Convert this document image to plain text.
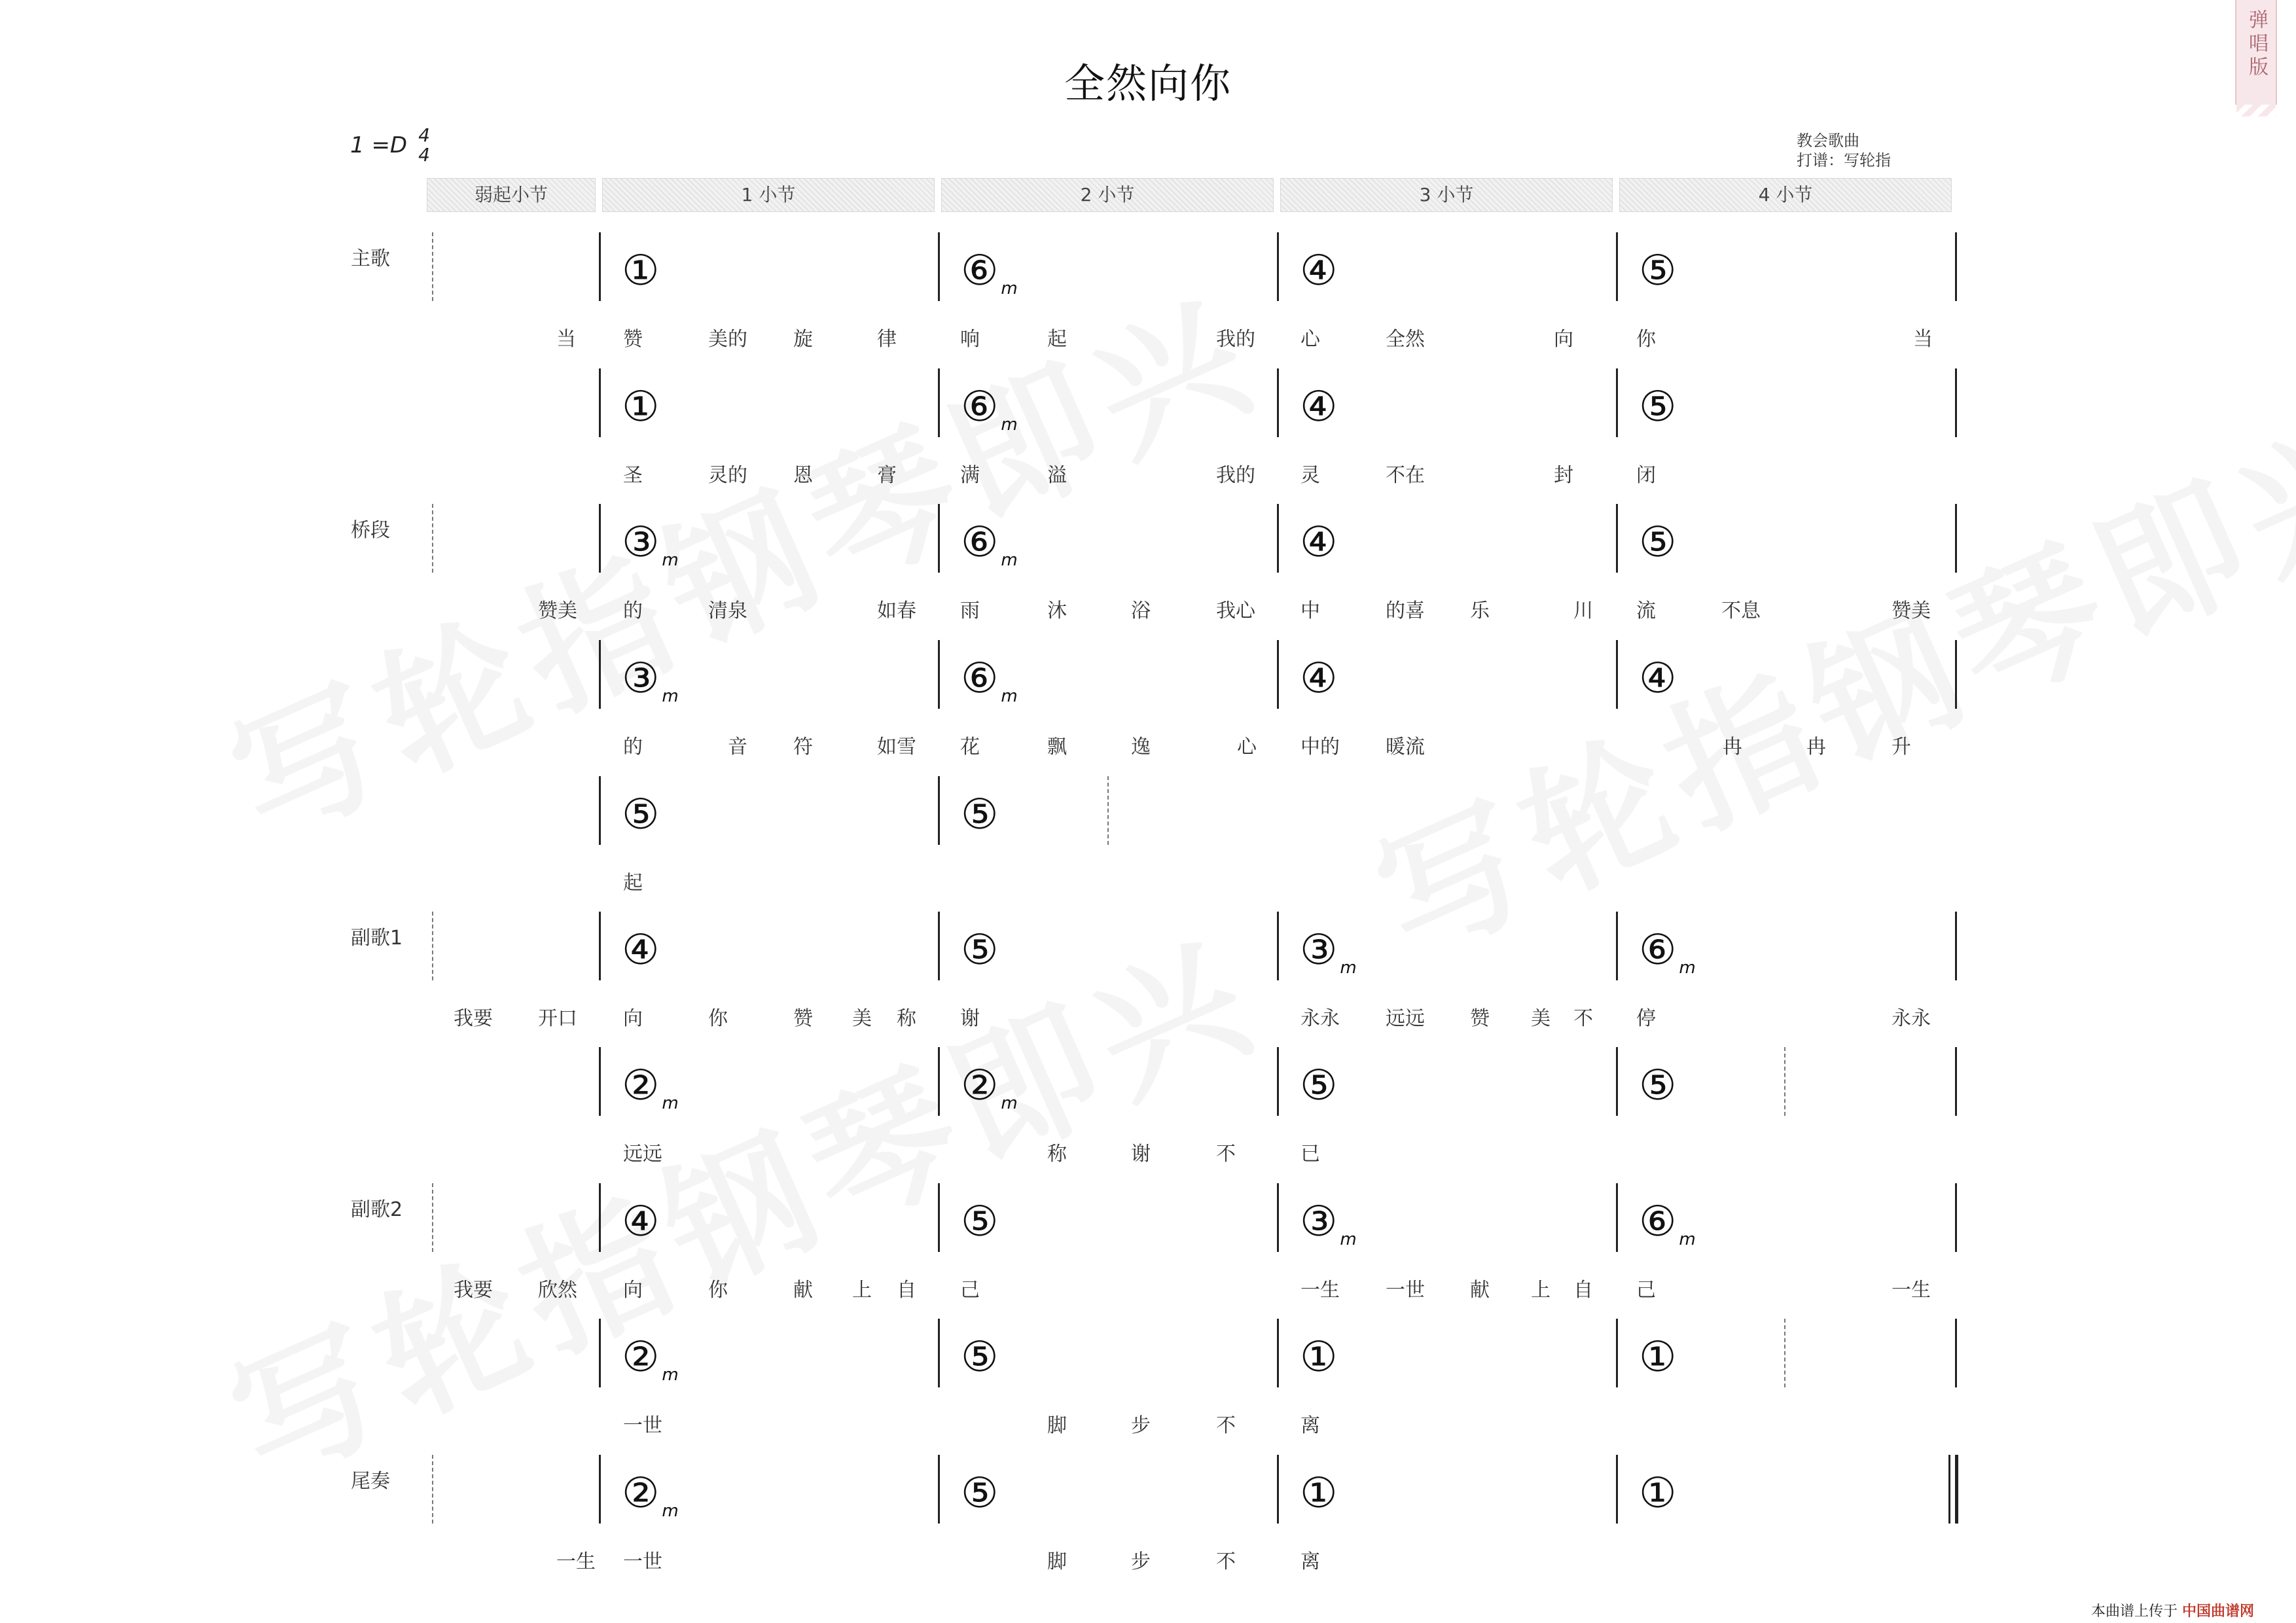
全然向你
1 =D 4
4
教会歌曲
打谱：写轮指
弹唱版
弱起小节	1 小节	2 小节	3 小节	4 小节
主歌	①	⑥ $_m$	④	⑤
当 赞	美的 旋	律	响	起	我的 心	全然	向	你	当
①	⑥ $_m$	④	⑤
圣	灵的 恩	膏	满	溢	我的 灵	不在	封	闭
桥段	③ $_m$	⑥ $_m$	④	⑤
赞美 的	清泉	如春 雨	沐	浴	我心 中	的喜 乐	川 流	不息	赞美
③ $_m$	⑥ $_m$	④	④
的	音 符	如雪 花	飘	逸	心 中的 暖流	冉	冉	升
⑤	⑤
起
副歌1	④	⑤	③ $_m$	⑥ $_m$
我要 开口 向	你	赞 美 称 谢	永永 远远 赞 美 不 停	永永
② $_m$	② $_m$	⑤	⑤
远远	称	谢	不	已
副歌2	④	⑤	③ $_m$	⑥ $_m$
我要 欣然 向	你	献 上 自 己	一生 一世 献 上 自 己	一生
② $_m$	⑤	①	①
一世	脚	步	不	离
尾奏	② $_m$	⑤	①	①
一生 一世	脚	步	不	离
本曲谱上传于 中国曲谱网
